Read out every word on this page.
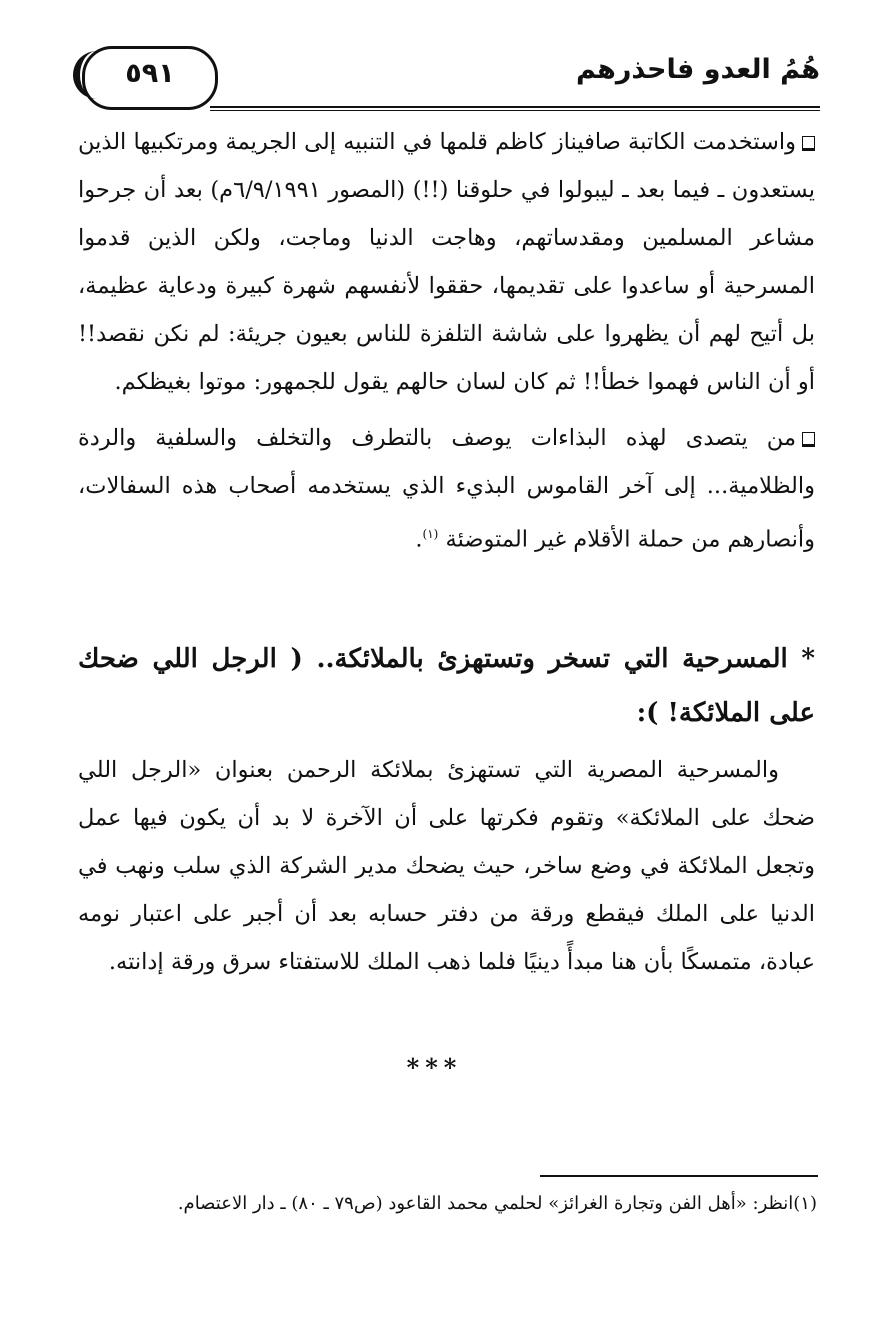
٥٩١	هُمُ العدو فاحذرهم

واستخدمت الكاتبة صافيناز كاظم قلمها في التنبيه إلى الجريمة ومرتكبيها الذين يستعدون ـ فيما بعد ـ ليبولوا في حلوقنا (!!) (المصور ٦/٩/١٩٩١م) بعد أن جرحوا مشاعر المسلمين ومقدساتهم، وهاجت الدنيا وماجت، ولكن الذين قدموا المسرحية أو ساعدوا على تقديمها، حققوا لأنفسهم شهرة كبيرة ودعاية عظيمة، بل أتيح لهم أن يظهروا على شاشة التلفزة للناس بعيون جريئة: لم نكن نقصد!! أو أن الناس فهموا خطأ!! ثم كان لسان حالهم يقول للجمهور: موتوا بغيظكم.

من يتصدى لهذه البذاءات يوصف بالتطرف والتخلف والسلفية والردة والظلامية... إلى آخر القاموس البذيء الذي يستخدمه أصحاب هذه السفالات، وأنصارهم من حملة الأقلام غير المتوضئة $^{(١)}$.

* المسرحية التي تسخر وتستهزئ بالملائكة.. ( الرجل اللي ضحك على الملائكة! ):

والمسرحية المصرية التي تستهزئ بملائكة الرحمن بعنوان «الرجل اللي ضحك على الملائكة» وتقوم فكرتها على أن الآخرة لا بد أن يكون فيها عمل وتجعل الملائكة في وضع ساخر، حيث يضحك مدير الشركة الذي سلب ونهب في الدنيا على الملك فيقطع ورقة من دفتر حسابه بعد أن أجبر على اعتبار نومه عبادة، متمسكًا بأن هنا مبدأً دينيًا فلما ذهب الملك للاستفتاء سرق ورقة إدانته.

***
(١)انظر: «أهل الفن وتجارة الغرائز» لحلمي محمد القاعود (ص٧٩ ـ ٨٠) ـ دار الاعتصام.
